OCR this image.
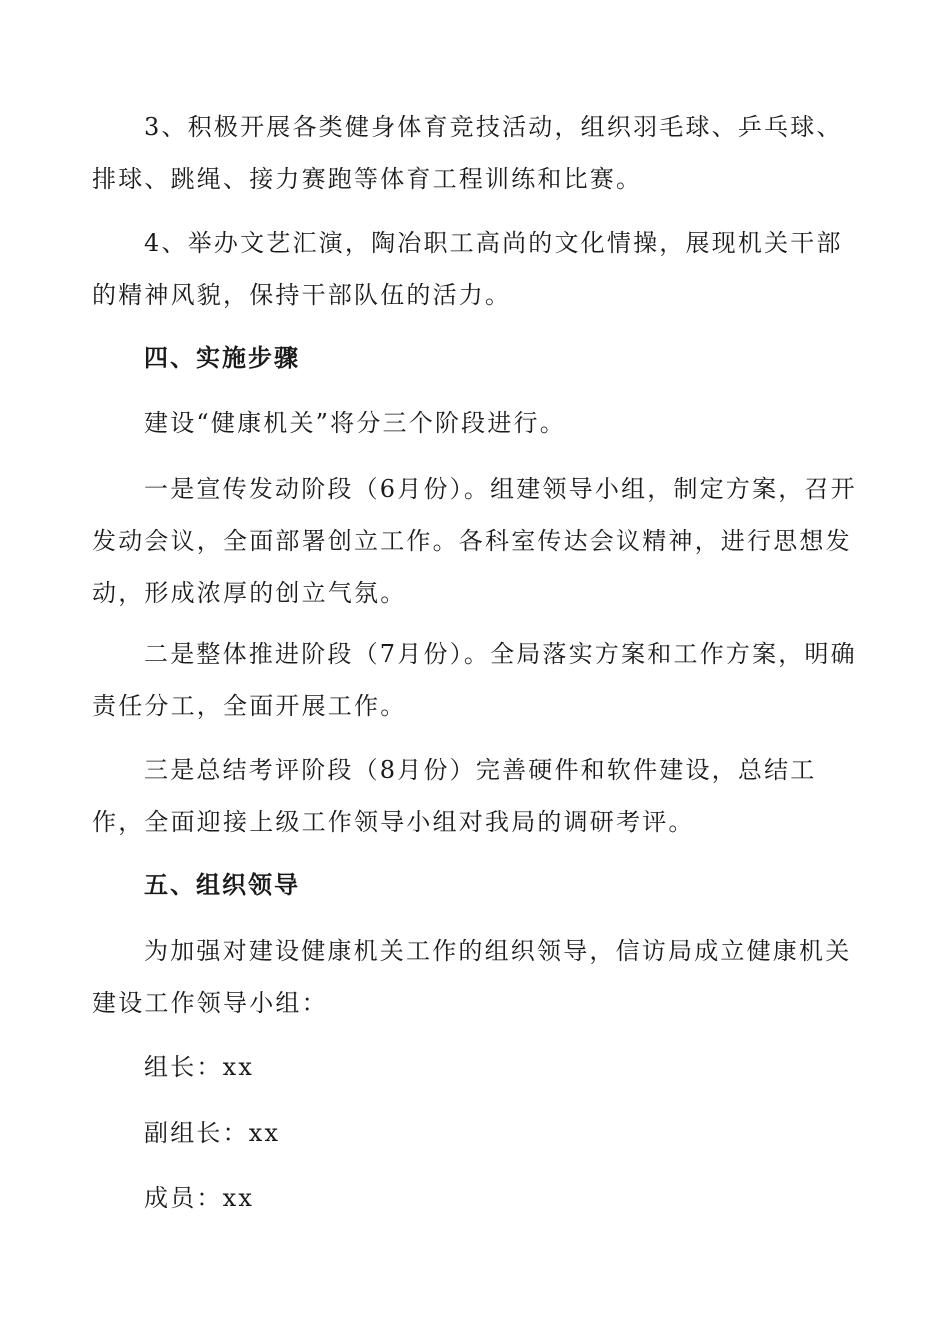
3、积极开展各类健身体育竞技活动，组织羽毛球、乒乓球、排球、跳绳、接力赛跑等体育工程训练和比赛。

4、举办文艺汇演，陶冶职工高尚的文化情操，展现机关干部的精神风貌，保持干部队伍的活力。

四、实施步骤

建设“健康机关”将分三个阶段进行。

一是宣传发动阶段（6月份）。组建领导小组，制定方案，召开发动会议，全面部署创立工作。各科室传达会议精神，进行思想发动，形成浓厚的创立气氛。

二是整体推进阶段（7月份）。全局落实方案和工作方案，明确责任分工，全面开展工作。

三是总结考评阶段（8月份）完善硬件和软件建设，总结工作，全面迎接上级工作领导小组对我局的调研考评。

五、组织领导

为加强对建设健康机关工作的组织领导，信访局成立健康机关建设工作领导小组：

组长：xx

副组长：xx

成员：xx
